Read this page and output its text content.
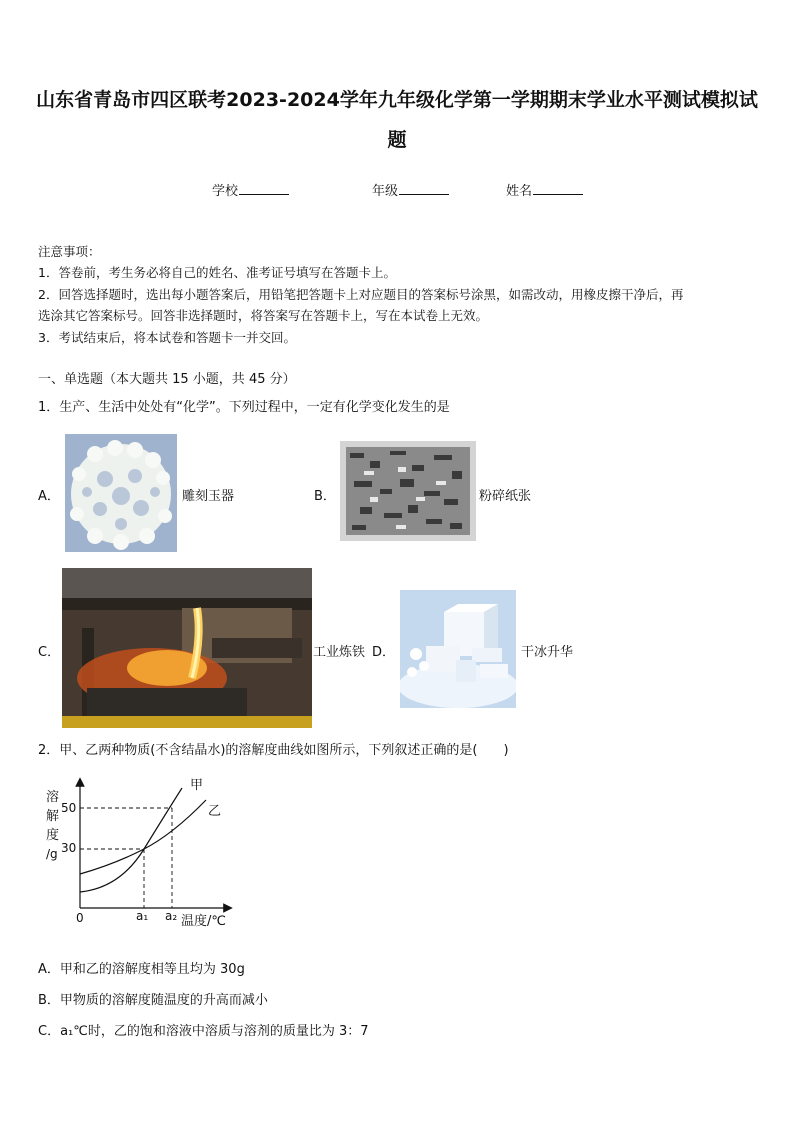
山东省青岛市四区联考2023-2024学年九年级化学第一学期期末学业水平测试模拟试
题
学校	年级	姓名
注意事项：
1．答卷前，考生务必将自己的姓名、准考证号填写在答题卡上。
2．回答选择题时，选出每小题答案后，用铅笔把答题卡上对应题目的答案标号涂黑，如需改动，用橡皮擦干净后，再
选涂其它答案标号。回答非选择题时，将答案写在答题卡上，写在本试卷上无效。
3．考试结束后，将本试卷和答题卡一并交回。
一、单选题（本大题共 15 小题，共 45 分）
1．生产、生活中处处有“化学”。下列过程中，一定有化学变化发生的是
A．	雕刻玉器	B．	粉碎纸张
C．	工业炼铁 D．	干冰升华
2．甲、乙两种物质(不含结晶水)的溶解度曲线如图所示，下列叙述正确的是(　　)
溶
解
度
/g
50
30
0	a₁ a₂ 温度/℃
甲
乙
A．甲和乙的溶解度相等且均为 30g
B．甲物质的溶解度随温度的升高而减小
C．a₁℃时，乙的饱和溶液中溶质与溶剂的质量比为 3：7
